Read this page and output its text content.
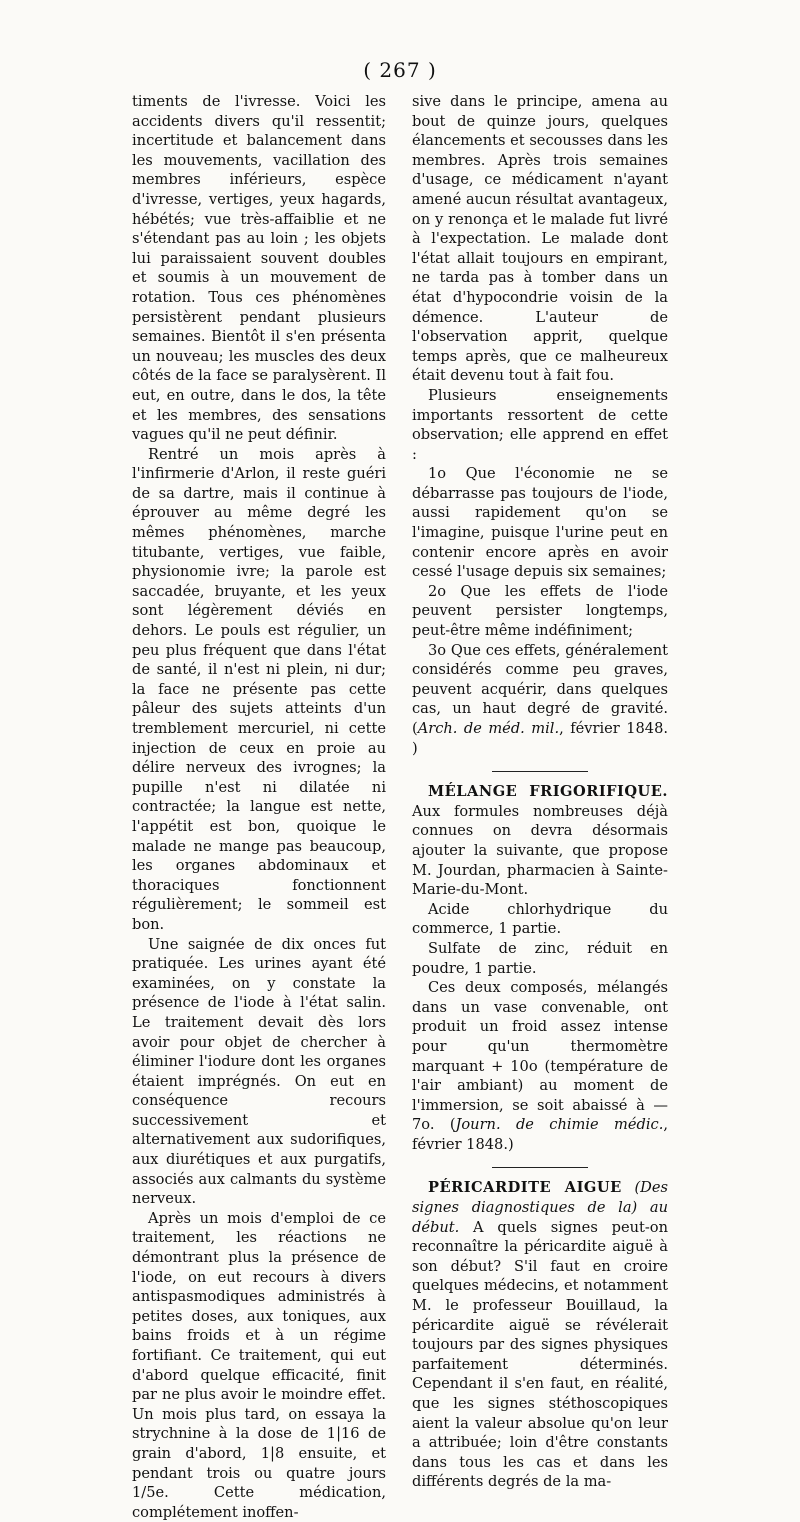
( 267 )

timents de l'ivresse. Voici les accidents divers qu'il ressentit; incertitude et balancement dans les mouvements, vacillation des membres inférieurs, espèce d'ivresse, vertiges, yeux hagards, hébétés; vue très-affaiblie et ne s'étendant pas au loin ; les objets lui paraissaient souvent doubles et soumis à un mouvement de rotation. Tous ces phénomènes persistèrent pendant plusieurs semaines. Bientôt il s'en présenta un nouveau; les muscles des deux côtés de la face se paralysèrent. Il eut, en outre, dans le dos, la tête et les membres, des sensations vagues qu'il ne peut définir.

Rentré un mois après à l'infirmerie d'Arlon, il reste guéri de sa dartre, mais il continue à éprouver au même degré les mêmes phénomènes, marche titubante, vertiges, vue faible, physionomie ivre; la parole est saccadée, bruyante, et les yeux sont légèrement déviés en dehors. Le pouls est régulier, un peu plus fréquent que dans l'état de santé, il n'est ni plein, ni dur; la face ne présente pas cette pâleur des sujets atteints d'un tremblement mercuriel, ni cette injection de ceux en proie au délire nerveux des ivrognes; la pupille n'est ni dilatée ni contractée; la langue est nette, l'appétit est bon, quoique le malade ne mange pas beaucoup, les organes abdominaux et thoraciques fonctionnent régulièrement; le sommeil est bon.

Une saignée de dix onces fut pratiquée. Les urines ayant été examinées, on y constate la présence de l'iode à l'état salin. Le traitement devait dès lors avoir pour objet de chercher à éliminer l'iodure dont les organes étaient imprégnés. On eut en conséquence recours successivement et alternativement aux sudorifiques, aux diurétiques et aux purgatifs, associés aux calmants du système nerveux.

Après un mois d'emploi de ce traitement, les réactions ne démontrant plus la présence de l'iode, on eut recours à divers antispasmodiques administrés à petites doses, aux toniques, aux bains froids et à un régime fortifiant. Ce traitement, qui eut d'abord quelque efficacité, finit par ne plus avoir le moindre effet. Un mois plus tard, on essaya la strychnine à la dose de 1|16 de grain d'abord, 1|8 ensuite, et pendant trois ou quatre jours 1/5e. Cette médication, complétement inoffen-

sive dans le principe, amena au bout de quinze jours, quelques élancements et secousses dans les membres. Après trois semaines d'usage, ce médicament n'ayant amené aucun résultat avantageux, on y renonça et le malade fut livré à l'expectation. Le malade dont l'état allait toujours en empirant, ne tarda pas à tomber dans un état d'hypocondrie voisin de la démence. L'auteur de l'observation apprit, quelque temps après, que ce malheureux était devenu tout à fait fou.

Plusieurs enseignements importants ressortent de cette observation; elle apprend en effet :

1o Que l'économie ne se débarrasse pas toujours de l'iode, aussi rapidement qu'on se l'imagine, puisque l'urine peut en contenir encore après en avoir cessé l'usage depuis six semaines;

2o Que les effets de l'iode peuvent persister longtemps, peut-être même indéfiniment;

3o Que ces effets, généralement considérés comme peu graves, peuvent acquérir, dans quelques cas, un haut degré de gravité. (Arch. de méd. mil., février 1848. )

MÉLANGE FRIGORIFIQUE. Aux formules nombreuses déjà connues on devra désormais ajouter la suivante, que propose M. Jourdan, pharmacien à Sainte-Marie-du-Mont.

Acide chlorhydrique du commerce, 1 partie.

Sulfate de zinc, réduit en poudre, 1 partie.

Ces deux composés, mélangés dans un vase convenable, ont produit un froid assez intense pour qu'un thermomètre marquant + 10o (température de l'air ambiant) au moment de l'immersion, se soit abaissé à — 7o. (Journ. de chimie médic., février 1848.)

PÉRICARDITE AIGUE (Des signes diagnostiques de la) au début. A quels signes peut-on reconnaître la péricardite aiguë à son début? S'il faut en croire quelques médecins, et notamment M. le professeur Bouillaud, la péricardite aiguë se révélerait toujours par des signes physiques parfaitement déterminés. Cependant il s'en faut, en réalité, que les signes stéthoscopiques aient la valeur absolue qu'on leur a attribuée; loin d'être constants dans tous les cas et dans les différents degrés de la ma-
